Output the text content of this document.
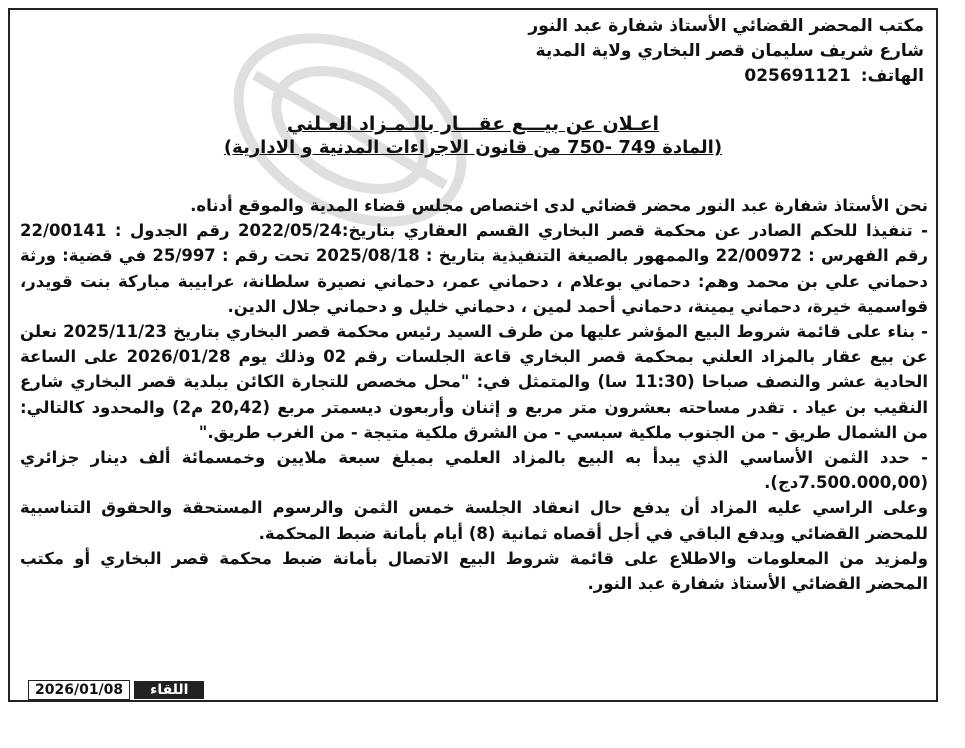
مكتب المحضر القضائي الأستاذ شفارة عبد النور
شارع شريف سليمان قصر البخاري ولاية المدية
الهاتف: 025691121
اعـلان عن بيـــع عقـــار بالـمـزاد العـلني
(المادة 749 -750 من قانون الاجراءات المدنية و الادارية)

نحن الأستاذ شفارة عبد النور محضر قضائي لدى اختصاص مجلس قضاء المدية والموقع أدناه.

- تنفيذا للحكم الصادر عن محكمة قصر البخاري القسم العقاري بتاريخ:2022/05/24 رقم الجدول : 22/00141 رقم الفهرس : 22/00972 والممهور بالصيغة التنفيذية بتاريخ : 2025/08/18 تحت رقم : 25/997 في قضية: ورثة دحماني علي بن محمد وهم: دحماني بوعلام ، دحماني عمر، دحماني نصيرة سلطانة، عرابيبة مباركة بنت قويدر، قواسمية خيرة، دحماني يمينة، دحماني أحمد لمين ، دحماني خليل و دحماني جلال الدين.

- بناء على قائمة شروط البيع المؤشر عليها من طرف السيد رئيس محكمة قصر البخاري بتاريخ 2025/11/23 نعلن عن بيع عقار بالمزاد العلني بمحكمة قصر البخاري قاعة الجلسات رقم 02 وذلك يوم 2026/01/28 على الساعة الحادية عشر والنصف صباحا (11:30 سا) والمتمثل في: "محل مخصص للتجارة الكائن ببلدية قصر البخاري شارع النقيب بن عياد . تقدر مساحته بعشرون متر مربع و إثنان وأربعون ديسمتر مربع (20,42 م2) والمحدود كالتالي: من الشمال طريق - من الجنوب ملكية سبسي - من الشرق ملكية متيجة - من الغرب طريق."

- حدد الثمن الأساسي الذي يبدأ به البيع بالمزاد العلمي بمبلغ سبعة ملايين وخمسمائة ألف دينار جزائري (7.500.000,00دج).

وعلى الراسي عليه المزاد أن يدفع حال انعقاد الجلسة خمس الثمن والرسوم المستحقة والحقوق التناسبية للمحضر القضائي ويدفع الباقي في أجل أقصاه ثمانية (8) أيام بأمانة ضبط المحكمة.

ولمزيد من المعلومات والاطلاع على قائمة شروط البيع الاتصال بأمانة ضبط محكمة قصر البخاري أو مكتب المحضر القضائي الأستاذ شفارة عبد النور.

2026/01/08	اللقاء
